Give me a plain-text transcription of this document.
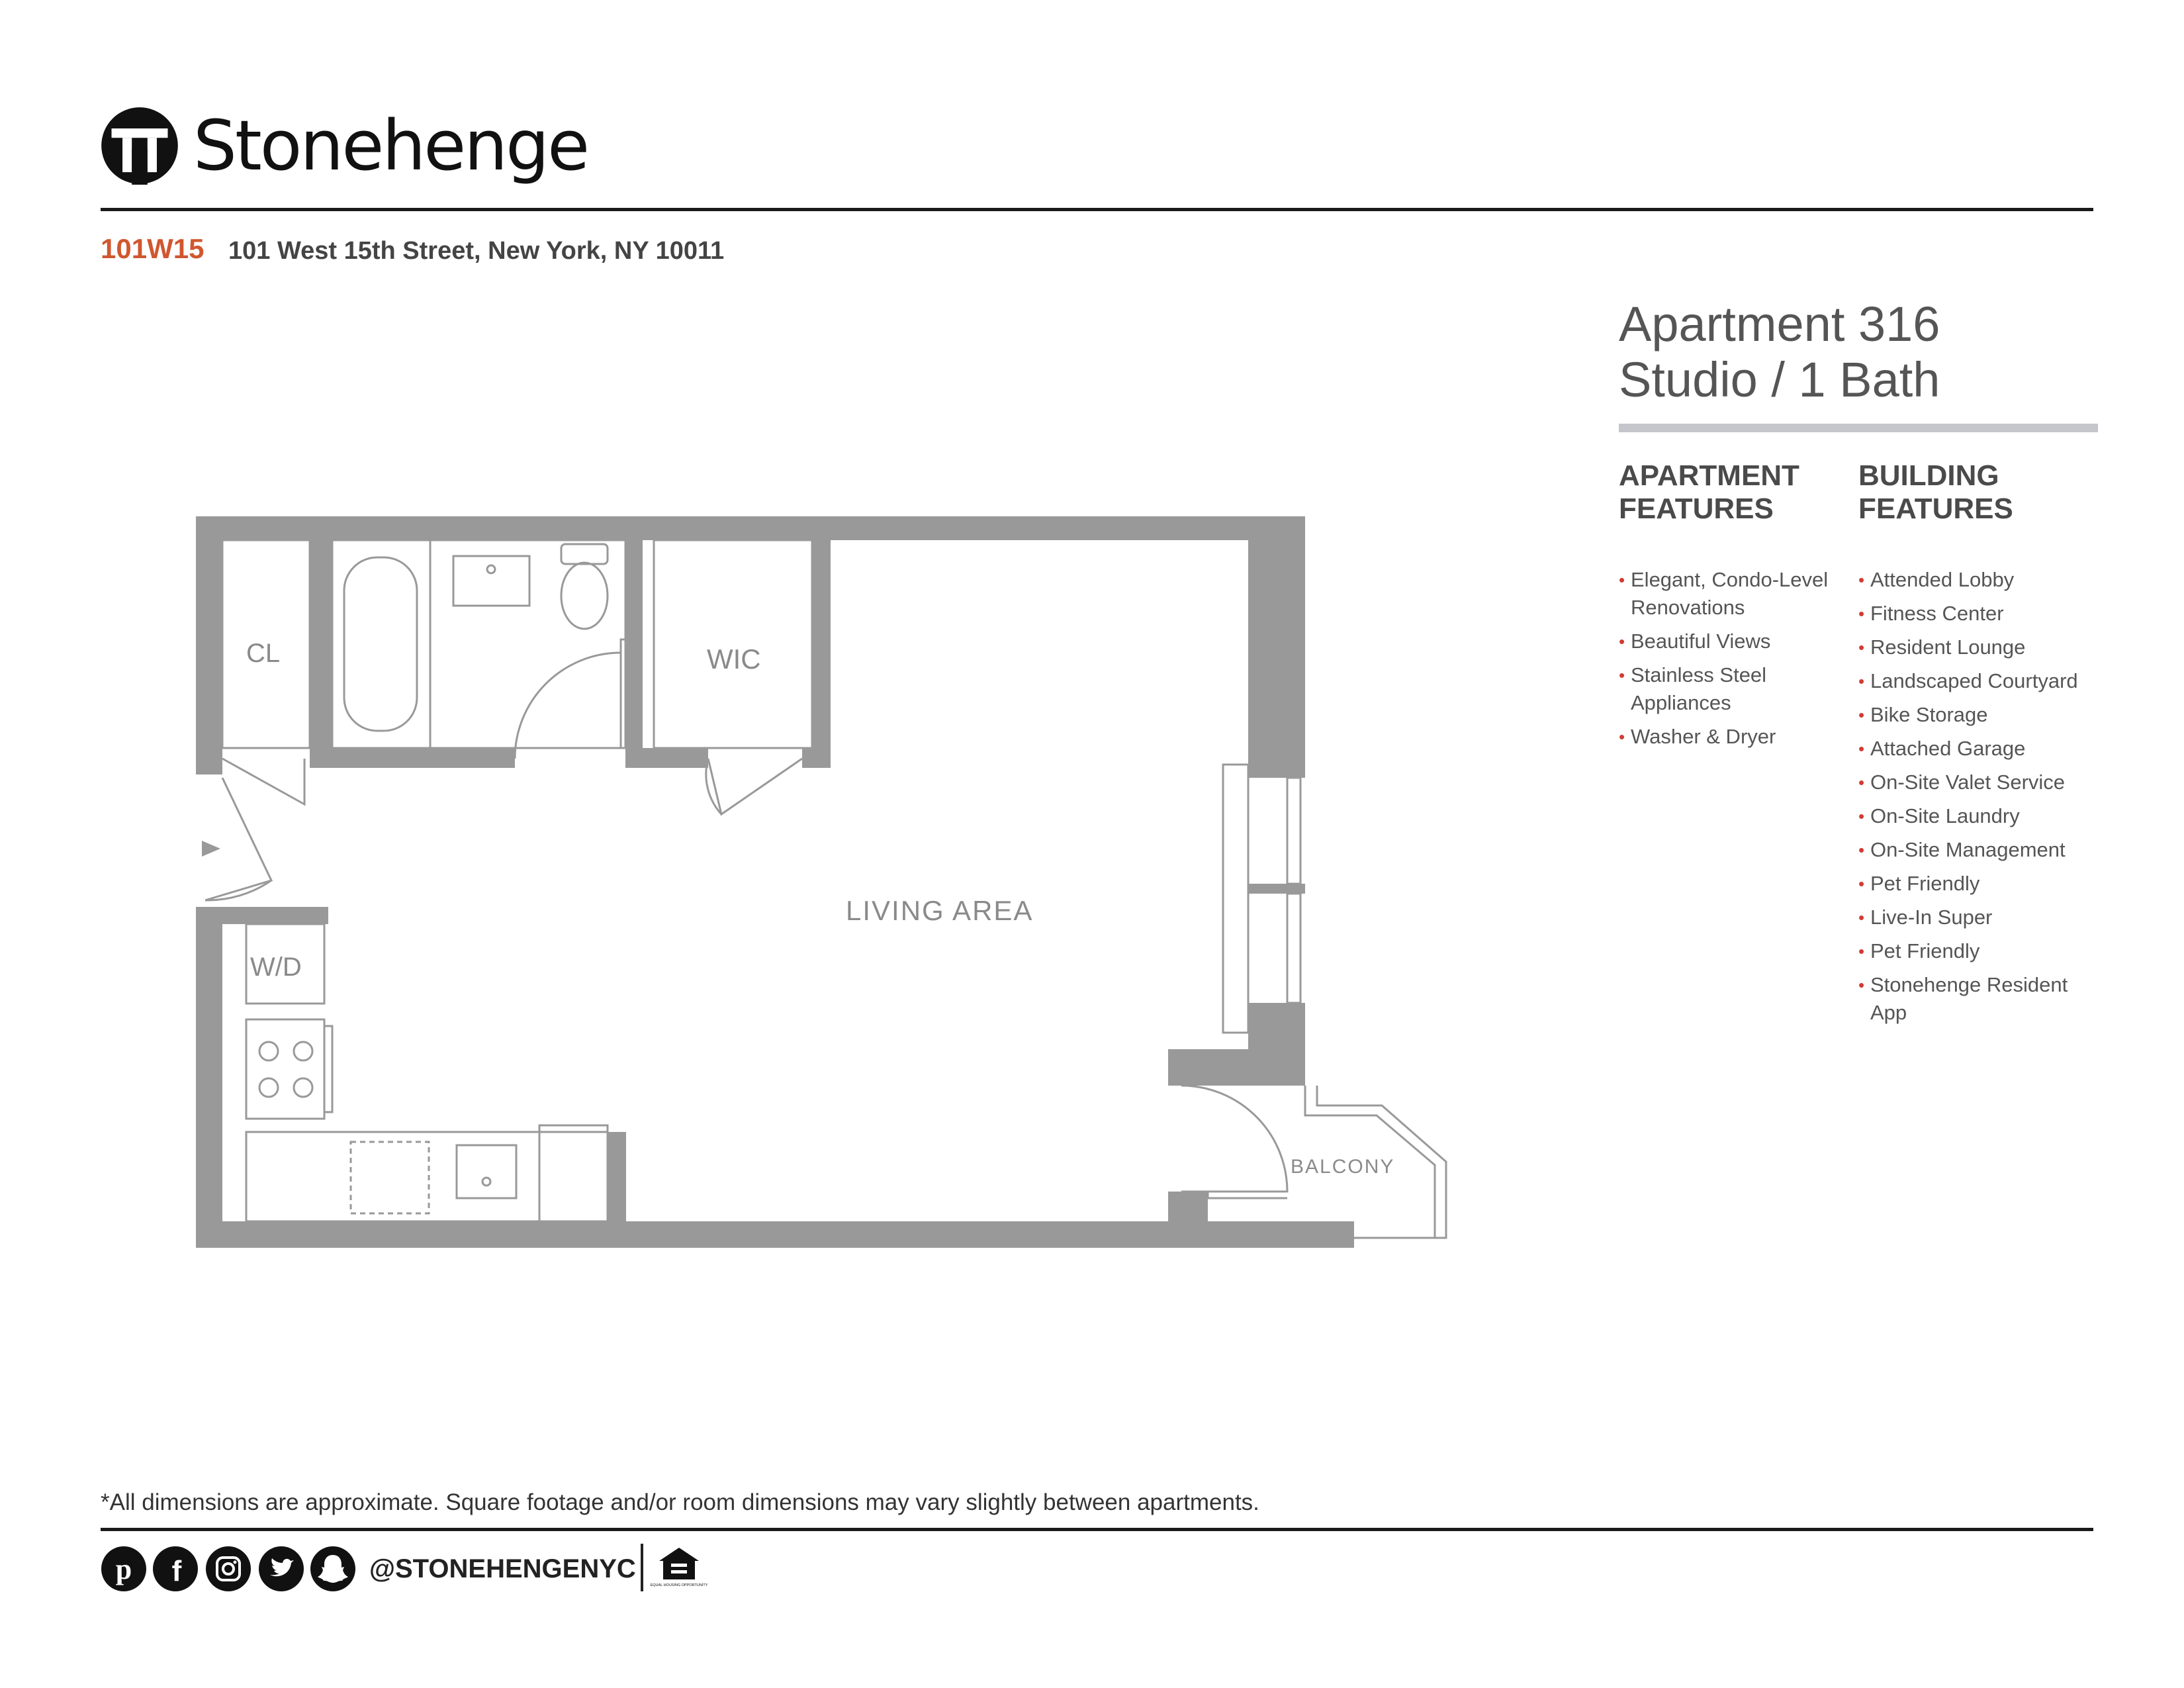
Stonehenge
101W15 101 West 15th Street, New York, NY 10011
Apartment 316
Studio / 1 Bath
APARTMENT
FEATURES
BUILDING
FEATURES
• Elegant, Condo-Level Renovations
• Beautiful Views
• Stainless Steel Appliances
• Washer & Dryer
• Attended Lobby
• Fitness Center
• Resident Lounge
• Landscaped Courtyard
• Bike Storage
• Attached Garage
• On-Site Valet Service
• On-Site Laundry
• On-Site Management
• Pet Friendly
• Live-In Super
• Pet Friendly
• Stonehenge Resident App
CL	WIC
LIVING AREA
W/D
BALCONY
*All dimensions are approximate. Square footage and/or room dimensions may vary slightly between apartments.
p f	@STONEHENGENYC
EQUAL HOUSING OPPORTUNITY
